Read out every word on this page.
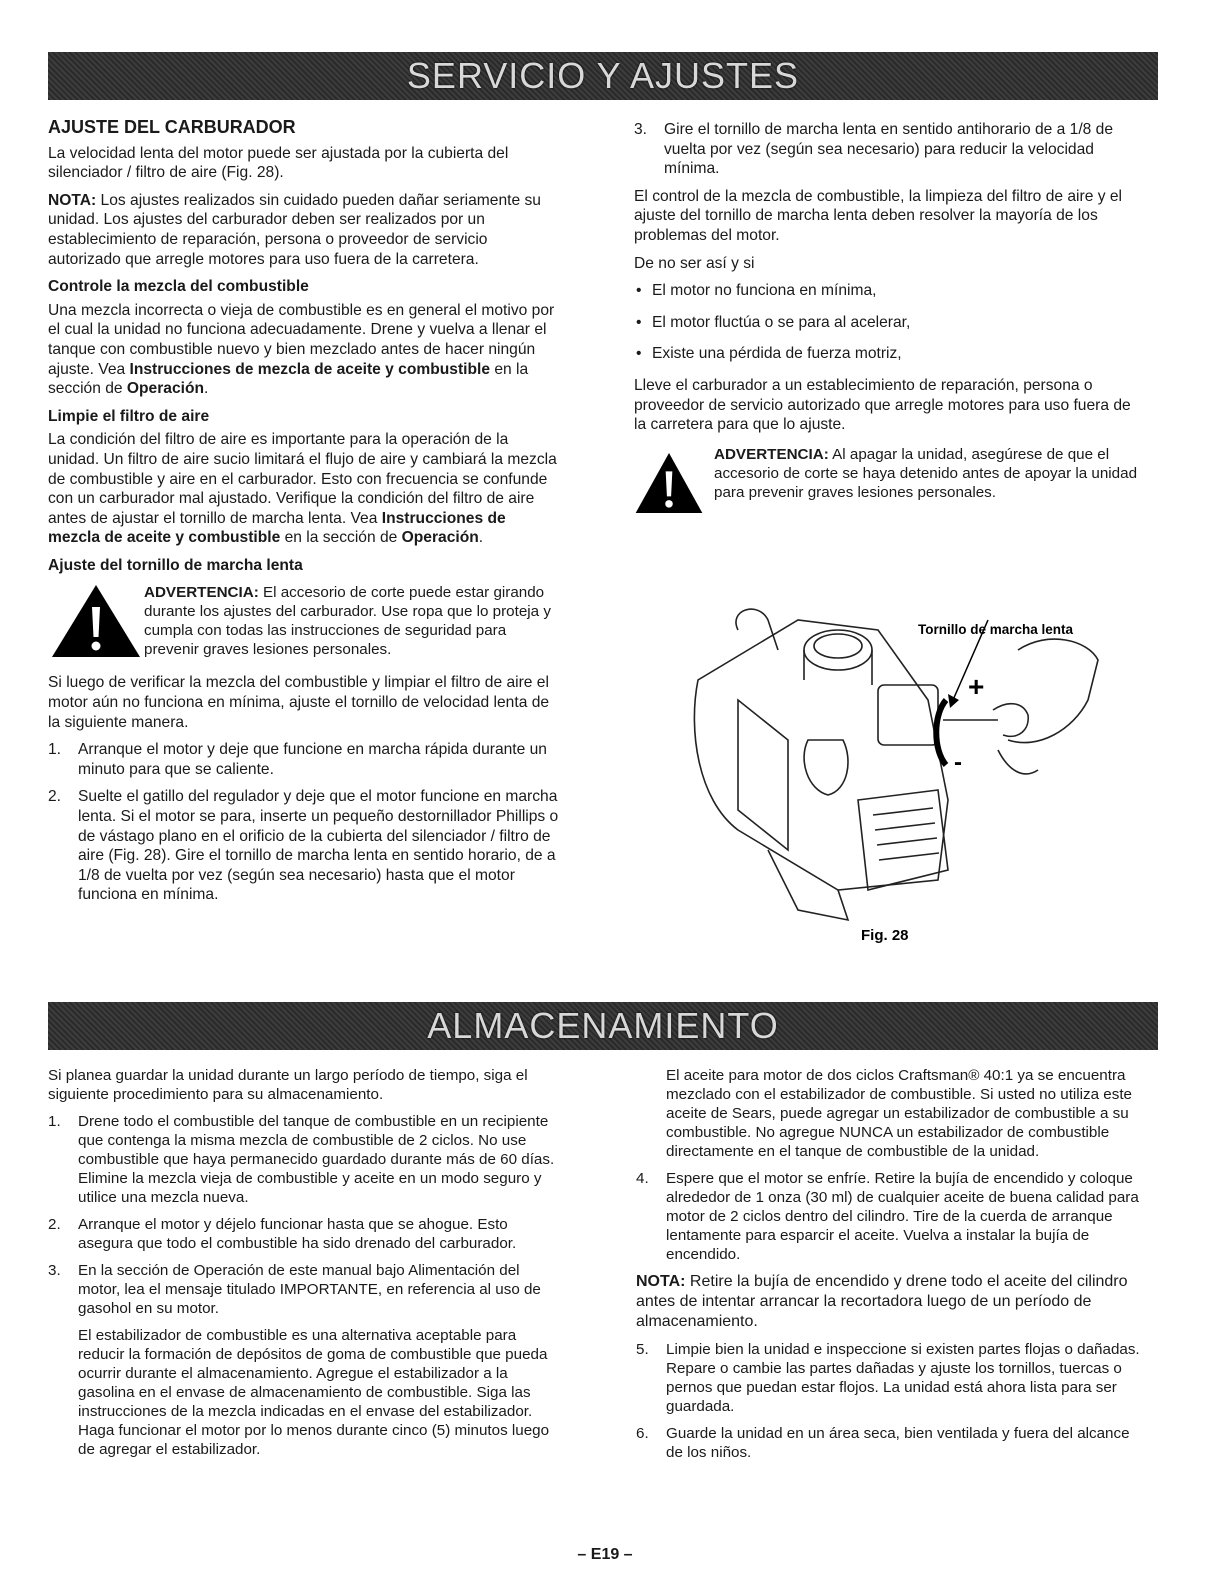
SERVICIO Y AJUSTES
AJUSTE DEL CARBURADOR

La velocidad lenta del motor puede ser ajustada por la cubierta del silenciador / filtro de aire (Fig. 28).

NOTA: Los ajustes realizados sin cuidado pueden dañar seriamente su unidad. Los ajustes del carburador deben ser realizados por un establecimiento de reparación, persona o proveedor de servicio autorizado que arregle motores para uso fuera de la carretera.

Controle la mezcla del combustible

Una mezcla incorrecta o vieja de combustible es en general el motivo por el cual la unidad no funciona adecuadamente. Drene y vuelva a llenar el tanque con combustible nuevo y bien mezclado antes de hacer ningún ajuste. Vea Instrucciones de mezcla de aceite y combustible en la sección de Operación.

Limpie el filtro de aire

La condición del filtro de aire es importante para la operación de la unidad. Un filtro de aire sucio limitará el flujo de aire y cambiará la mezcla de combustible y aire en el carburador. Esto con frecuencia se confunde con un carburador mal ajustado. Verifique la condición del filtro de aire antes de ajustar el tornillo de marcha lenta. Vea Instrucciones de mezcla de aceite y combustible en la sección de Operación.

Ajuste del tornillo de marcha lenta
ADVERTENCIA: El accesorio de corte puede estar girando durante los ajustes del carburador. Use ropa que lo proteja y cumpla con todas las instrucciones de seguridad para prevenir graves lesiones personales.

Si luego de verificar la mezcla del combustible y limpiar el filtro de aire el motor aún no funciona en mínima, ajuste el tornillo de velocidad lenta de la siguiente manera.

1. Arranque el motor y deje que funcione en marcha rápida durante un minuto para que se caliente.
2. Suelte el gatillo del regulador y deje que el motor funcione en marcha lenta. Si el motor se para, inserte un pequeño destornillador Phillips o de vástago plano en el orificio de la cubierta del silenciador / filtro de aire (Fig. 28). Gire el tornillo de marcha lenta en sentido horario, de a 1/8 de vuelta por vez (según sea necesario) hasta que el motor funciona en mínima.
3. Gire el tornillo de marcha lenta en sentido antihorario de a 1/8 de vuelta por vez (según sea necesario) para reducir la velocidad mínima.

El control de la mezcla de combustible, la limpieza del filtro de aire y el ajuste del tornillo de marcha lenta deben resolver la mayoría de los problemas del motor.

De no ser así y si

• El motor no funciona en mínima,
• El motor fluctúa o se para al acelerar,
• Existe una pérdida de fuerza motriz,

Lleve el carburador a un establecimiento de reparación, persona o proveedor de servicio autorizado que arregle motores para uso fuera de la carretera para que lo ajuste.

ADVERTENCIA: Al apagar la unidad, asegúrese de que el accesorio de corte se haya detenido antes de apoyar la unidad para prevenir graves lesiones personales.
+
-
Tornillo de marcha lenta
Fig. 28
ALMACENAMIENTO

Si planea guardar la unidad durante un largo período de tiempo, siga el siguiente procedimiento para su almacenamiento.

1. Drene todo el combustible del tanque de combustible en un recipiente que contenga la misma mezcla de combustible de 2 ciclos. No use combustible que haya permanecido guardado durante más de 60 días. Elimine la mezcla vieja de combustible y aceite en un modo seguro y utilice una mezcla nueva.
2. Arranque el motor y déjelo funcionar hasta que se ahogue. Esto asegura que todo el combustible ha sido drenado del carburador.
3. En la sección de Operación de este manual bajo Alimentación del motor, lea el mensaje titulado IMPORTANTE, en referencia al uso de gasohol en su motor.

El estabilizador de combustible es una alternativa aceptable para reducir la formación de depósitos de goma de combustible que pueda ocurrir durante el almacenamiento. Agregue el estabilizador a la gasolina en el envase de almacenamiento de combustible. Siga las instrucciones de la mezcla indicadas en el envase del estabilizador. Haga funcionar el motor por lo menos durante cinco (5) minutos luego de agregar el estabilizador.

El aceite para motor de dos ciclos Craftsman® 40:1 ya se encuentra mezclado con el estabilizador de combustible. Si usted no utiliza este aceite de Sears, puede agregar un estabilizador de combustible a su combustible. No agregue NUNCA un estabilizador de combustible directamente en el tanque de combustible de la unidad.

4. Espere que el motor se enfríe. Retire la bujía de encendido y coloque alrededor de 1 onza (30 ml) de cualquier aceite de buena calidad para motor de 2 ciclos dentro del cilindro. Tire de la cuerda de arranque lentamente para esparcir el aceite. Vuelva a instalar la bujía de encendido.

NOTA: Retire la bujía de encendido y drene todo el aceite del cilindro antes de intentar arrancar la recortadora luego de un período de almacenamiento.

5. Limpie bien la unidad e inspeccione si existen partes flojas o dañadas. Repare o cambie las partes dañadas y ajuste los tornillos, tuercas o pernos que puedan estar flojos. La unidad está ahora lista para ser guardada.
6. Guarde la unidad en un área seca, bien ventilada y fuera del alcance de los niños.
– E19 –
